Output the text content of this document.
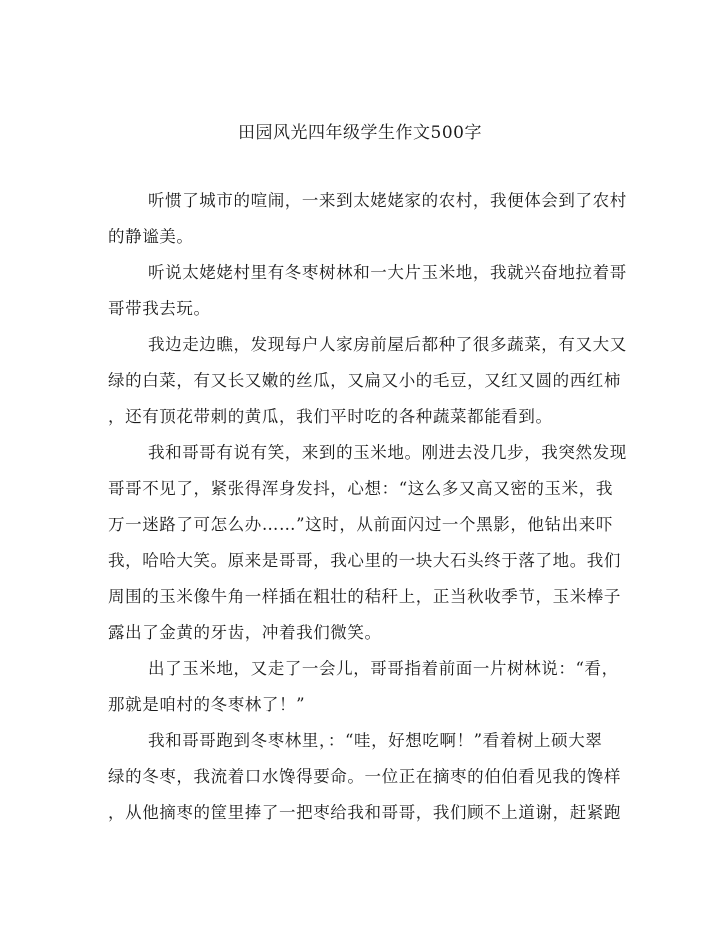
田园风光四年级学生作文500字
听惯了城市的喧闹，一来到太姥姥家的农村，我便体会到了农村
的静谧美。
听说太姥姥村里有冬枣树林和一大片玉米地，我就兴奋地拉着哥
哥带我去玩。
我边走边瞧，发现每户人家房前屋后都种了很多蔬菜，有又大又
绿的白菜，有又长又嫩的丝瓜，又扁又小的毛豆，又红又圆的西红柿
，还有顶花带刺的黄瓜，我们平时吃的各种蔬菜都能看到。
我和哥哥有说有笑，来到的玉米地。刚进去没几步，我突然发现
哥哥不见了，紧张得浑身发抖，心想：“这么多又高又密的玉米，我
万一迷路了可怎么办……”这时，从前面闪过一个黑影，他钻出来吓
我，哈哈大笑。原来是哥哥，我心里的一块大石头终于落了地。我们
周围的玉米像牛角一样插在粗壮的秸秆上，正当秋收季节，玉米棒子
露出了金黄的牙齿，冲着我们微笑。
出了玉米地，又走了一会儿，哥哥指着前面一片树林说：“看，
那就是咱村的冬枣林了！”
我和哥哥跑到冬枣林里，：“哇，好想吃啊！”看着树上硕大翠
绿的冬枣，我流着口水馋得要命。一位正在摘枣的伯伯看见我的馋样
，从他摘枣的筐里捧了一把枣给我和哥哥，我们顾不上道谢，赶紧跑
